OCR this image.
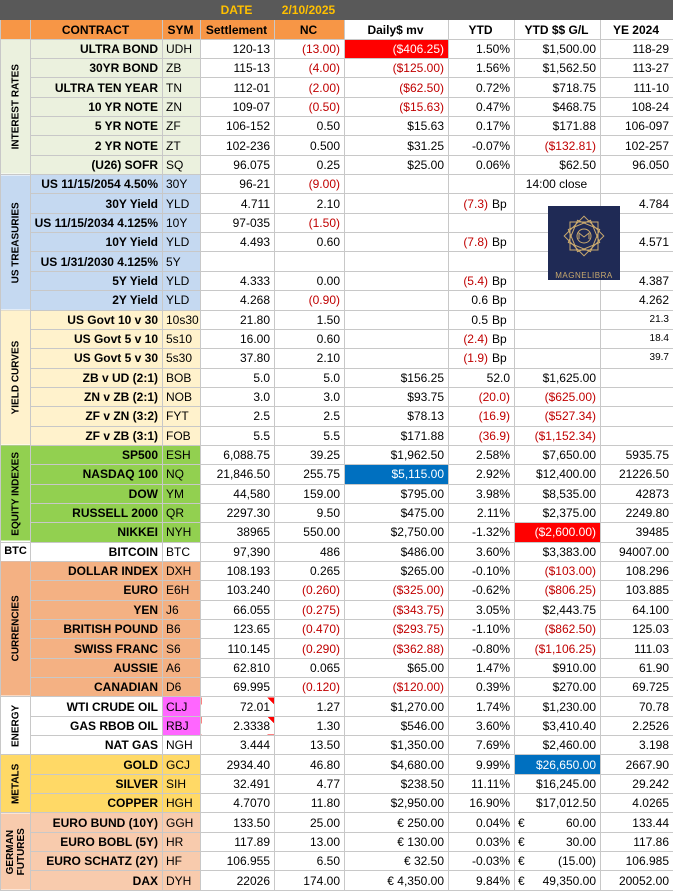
			DATE	2/10/2025				
	CONTRACT	SYM	Settlement	NC	Daily$ mv	YTD	YTD $$ G/L	YE 2024
INTEREST RATES	ULTRA BOND	UDH	120-13	(13.00)	($406.25)	1.50%	$1,500.00	118-29
	30YR BOND	ZB	115-13	(4.00)	($125.00)	1.56%	$1,562.50	113-27
	ULTRA TEN YEAR	TN	112-01	(2.00)	($62.50)	0.72%	$718.75	111-10
	10 YR NOTE	ZN	109-07	(0.50)	($15.63)	0.47%	$468.75	108-24
	5 YR NOTE	ZF	106-152	0.50	$15.63	0.17%	$171.88	106-097
	2 YR NOTE	ZT	102-236	0.500	$31.25	-0.07%	($132.81)	102-257
	(U26) SOFR	SQ	96.075	0.25	$25.00	0.06%	$62.50	96.050
US TREASURIES	US 11/15/2054 4.50%	30Y	96-21	(9.00)			14:00 close	
	30Y Yield	YLD	4.711	2.10		(7.3) Bp		4.784
	US 11/15/2034 4.125%	10Y	97-035	(1.50)				
	10Y Yield	YLD	4.493	0.60		(7.8) Bp		4.571
	US 1/31/2030 4.125%	5Y						
	5Y Yield	YLD	4.333	0.00		(5.4) Bp		4.387
	2Y Yield	YLD	4.268	(0.90)		0.6 Bp		4.262
YIELD CURVES	US Govt 10 v 30	10s30	21.80	1.50		0.5 Bp		21.3
	US Govt 5 v 10	5s10	16.00	0.60		(2.4) Bp		18.4
	US Govt 5 v 30	5s30	37.80	2.10		(1.9) Bp		39.7
	ZB v UD (2:1)	BOB	5.0	5.0	$156.25	52.0	$1,625.00	
	ZN v ZB (2:1)	NOB	3.0	3.0	$93.75	(20.0)	($625.00)	
	ZF v ZN (3:2)	FYT	2.5	2.5	$78.13	(16.9)	($527.34)	
	ZF v ZB (3:1)	FOB	5.5	5.5	$171.88	(36.9)	($1,152.34)	
EQUITY INDEXES	SP500	ESH	6,088.75	39.25	$1,962.50	2.58%	$7,650.00	5935.75
	NASDAQ 100	NQ	21,846.50	255.75	$5,115.00	2.92%	$12,400.00	21226.50
	DOW	YM	44,580	159.00	$795.00	3.98%	$8,535.00	42873
	RUSSELL 2000	QR	2297.30	9.50	$475.00	2.11%	$2,375.00	2249.80
	NIKKEI	NYH	38965	550.00	$2,750.00	-1.32%	($2,600.00)	39485
BTC	BITCOIN	BTC	97,390	486	$486.00	3.60%	$3,383.00	94007.00
CURRENCIES	DOLLAR INDEX	DXH	108.193	0.265	$265.00	-0.10%	($103.00)	108.296
	EURO	E6H	103.240	(0.260)	($325.00)	-0.62%	($806.25)	103.885
	YEN	J6	66.055	(0.275)	($343.75)	3.05%	$2,443.75	64.100
	BRITISH POUND	B6	123.65	(0.470)	($293.75)	-1.10%	($862.50)	125.03
	SWISS FRANC	S6	110.145	(0.290)	($362.88)	-0.80%	($1,106.25)	111.03
	AUSSIE	A6	62.810	0.065	$65.00	1.47%	$910.00	61.90
	CANADIAN	D6	69.995	(0.120)	($120.00)	0.39%	$270.00	69.725
ENERGY	WTI CRUDE OIL	CLJ	72.01	1.27	$1,270.00	1.74%	$1,230.00	70.78
	GAS RBOB OIL	RBJ	2.3338	1.30	$546.00	3.60%	$3,410.40	2.2526
	NAT GAS	NGH	3.444	13.50	$1,350.00	7.69%	$2,460.00	3.198
METALS	GOLD	GCJ	2934.40	46.80	$4,680.00	9.99%	$26,650.00	2667.90
	SILVER	SIH	32.491	4.77	$238.50	11.11%	$16,245.00	29.242
	COPPER	HGH	4.7070	11.80	$2,950.00	16.90%	$17,012.50	4.0265
GERMAN FUTURES	EURO BUND (10Y)	GGH	133.50	25.00	€ 250.00	0.04%	€ 60.00	133.44
	EURO BOBL (5Y)	HR	117.89	13.00	€ 130.00	0.03%	€ 30.00	117.86
	EURO SCHATZ (2Y)	HF	106.955	6.50	€ 32.50	-0.03%	€ (15.00)	106.985
	DAX	DYH	22026	174.00	€ 4,350.00	9.84%	€ 49,350.00	20052.00
MAGNELIBRA
